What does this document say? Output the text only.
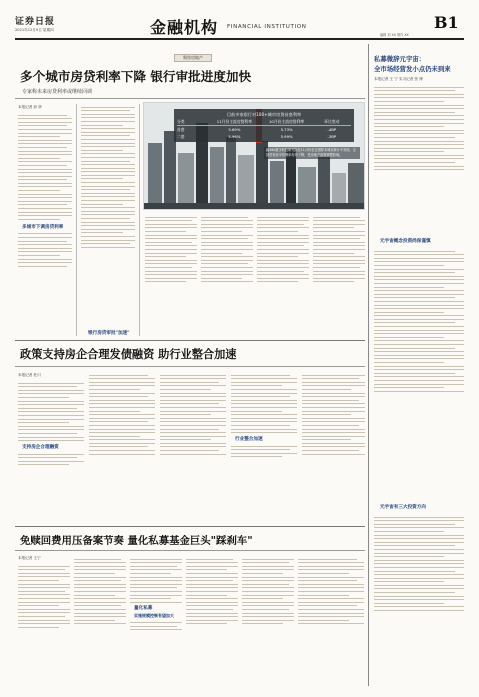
证券日报
2021年12月9日 星期四	金融机构 FINANCIAL INSTITUTION	B1
编辑 刘 XX 制作 XX
聚焦房地产
多个城市房贷利率下降 银行审批进度加快
专家称未来房贷利率或继续回调
本报记者 彭 妍
多城市下调房贷利率
目前多家银行对100+城市房贷首套利率
分类	11月份主流房贷利率	10月份主流房贷利率	环比变动
首套	5.69%	5.73%	-4BP
二套	5.96%	5.99%	-3BP
融360数字科技研究院在11月份至全国样本城市统计中发现，全国首套房平均利率有所下降，受房地产政策调整影响。
银行房贷审批"加速"
政策支持房企合理发债融资 助行业整合加速
本报记者 杜川
支持房企合理融资
行业整合加速
免赎回费用压备案节奏 量化私募基金巨头"踩刹车"
本报记者 王宁
量化私募
实施规模控制有望加大
私募微辞元宇宙：
全市场经营发小点仍未到来
本报记者 王 宁 实习记者 张 博
元宇宙概念投资尚保谨慎
元宇宙有三大投资方向
